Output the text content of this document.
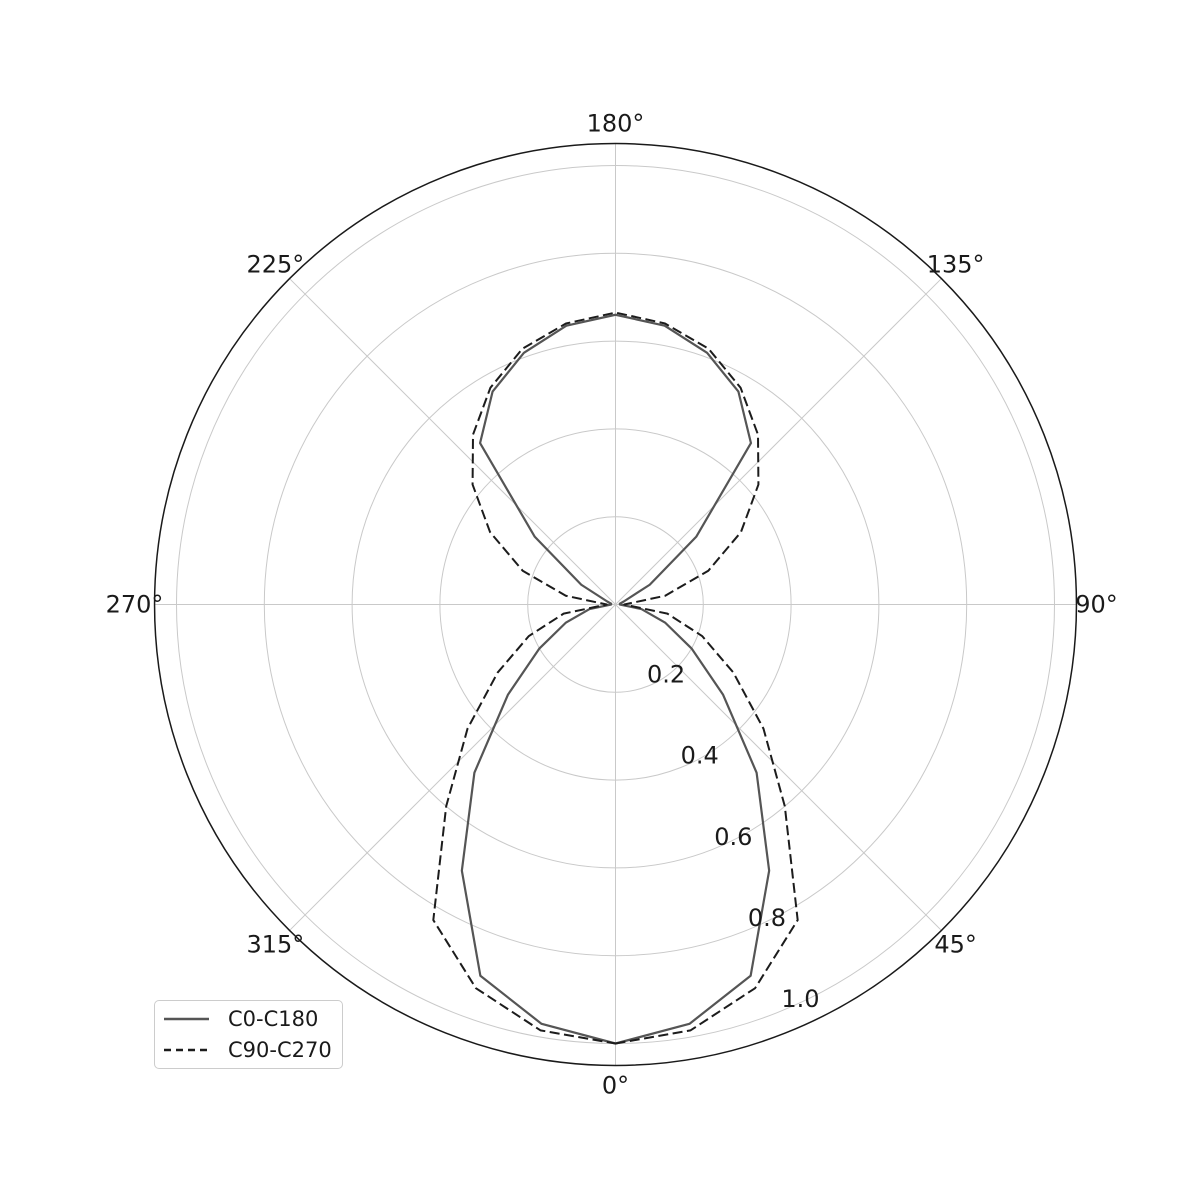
0°
45°
90°
135°
180°
225°
270°
315°
0.2
0.4
0.6
0.8
1.0
C0-C180
C90-C270
